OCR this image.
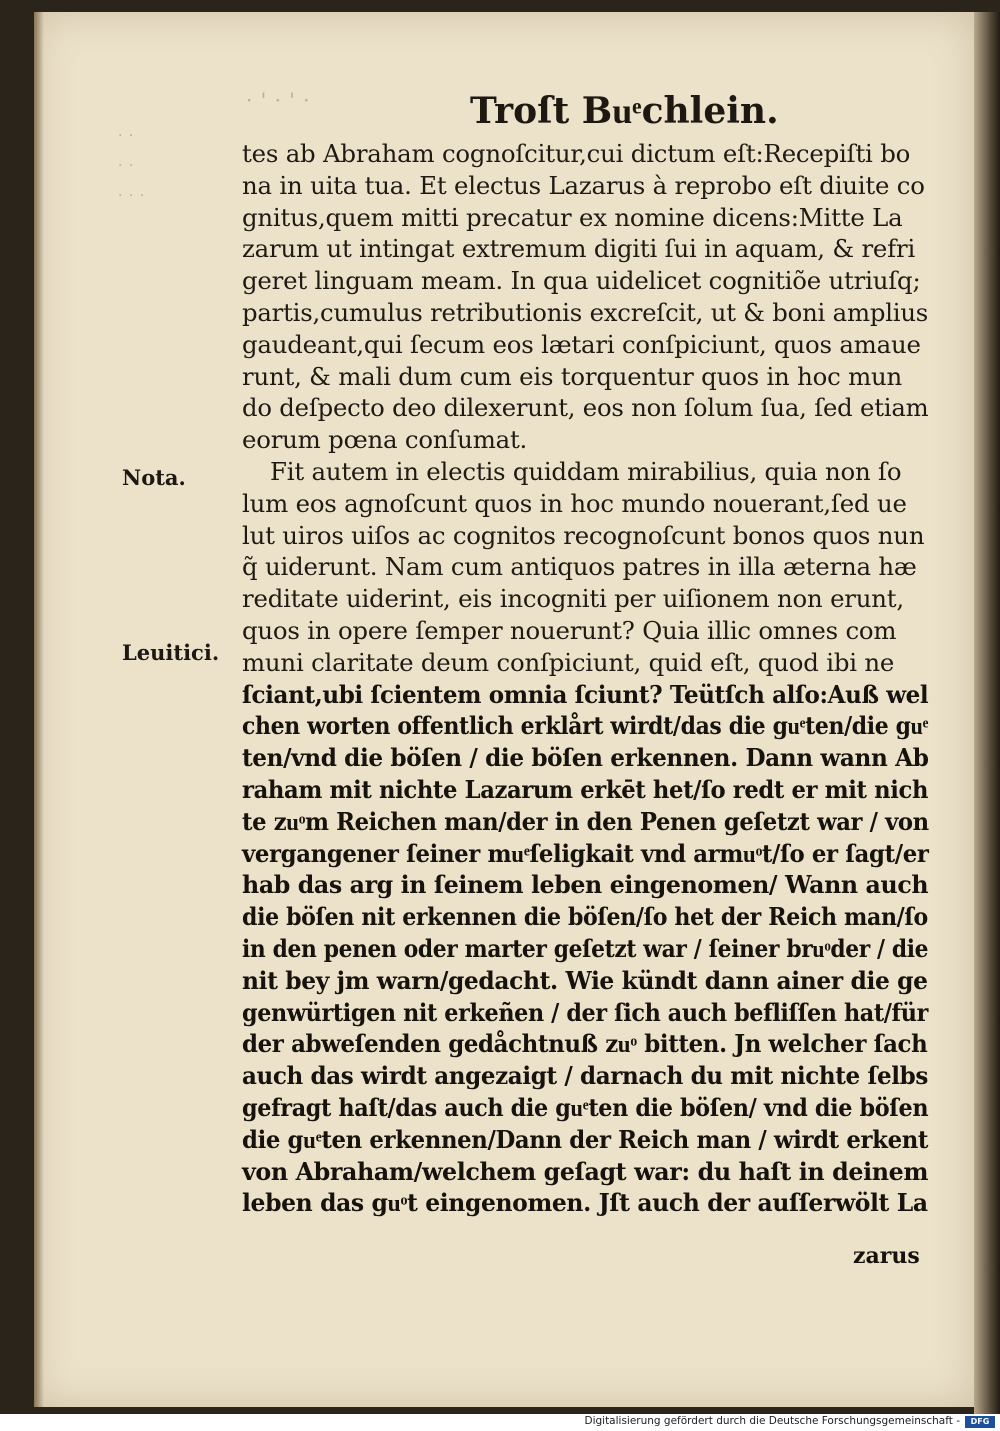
· ' · ' ·
· ·
· ·
· · ·
Troſt Buͤchlein.
Nota.
Leuitici.
tes ab Abraham cognoſcitur,cui dictum eſt:Recepiſti bo
na in uita tua. Et electus Lazarus à reprobo eſt diuite co
gnitus,quem mitti precatur ex nomine dicens:Mitte La
zarum ut intingat extremum digiti ſui in aquam, & refri
geret linguam meam. In qua uidelicet cognitiõe utriuſq;
partis,cumulus retributionis excreſcit, ut & boni amplius
gaudeant,qui ſecum eos lætari conſpiciunt, quos amaue
runt, & mali dum cum eis torquentur quos in hoc mun
do deſpecto deo dilexerunt, eos non ſolum ſua, ſed etiam
eorum pœna conſumat.
Fit autem in electis quiddam mirabilius, quia non ſo
lum eos agnoſcunt quos in hoc mundo nouerant,ſed ue
lut uiros uiſos ac cognitos recognoſcunt bonos quos nun
q̃ uiderunt. Nam cum antiquos patres in illa æterna hæ
reditate uiderint, eis incogniti per uiſionem non erunt,
quos in opere ſemper nouerunt? Quia illic omnes com
muni claritate deum conſpiciunt, quid eſt, quod ibi ne
ſciant,ubi ſcientem omnia ſciunt? Teütſch alſo:Auß wel
chen worten offentlich erklårt wirdt/das die guͤten/die guͤ
ten/vnd die böſen / die böſen erkennen. Dann wann Ab
raham mit nichte Lazarum erkēt het/ſo redt er mit nich
te zuͦm Reichen man/der in den Penen geſetzt war / von
vergangener ſeiner muͤſeligkait vnd armuͦt/ſo er ſagt/er
hab das arg in ſeinem leben eingenomen/ Wann auch
die böſen nit erkennen die böſen/ſo het der Reich man/ſo
in den penen oder marter geſetzt war / ſeiner bruͦder / die
nit bey jm warn/gedacht. Wie kündt dann ainer die ge
genwürtigen nit erkeñen / der ſich auch befliſſen hat/für
der abweſenden gedåchtnuß zuͦ bitten. Jn welcher ſach
auch das wirdt angezaigt / darnach du mit nichte ſelbs
gefragt haſt/das auch die guͤten die böſen/ vnd die böſen
die guͤten erkennen/Dann der Reich man / wirdt erkent
von Abraham/welchem geſagt war: du haſt in deinem
leben das guͦt eingenomen. Jſt auch der auſſerwölt La
zarus
Digitalisierung gefördert durch die Deutsche Forschungsgemeinschaft -	DFG
